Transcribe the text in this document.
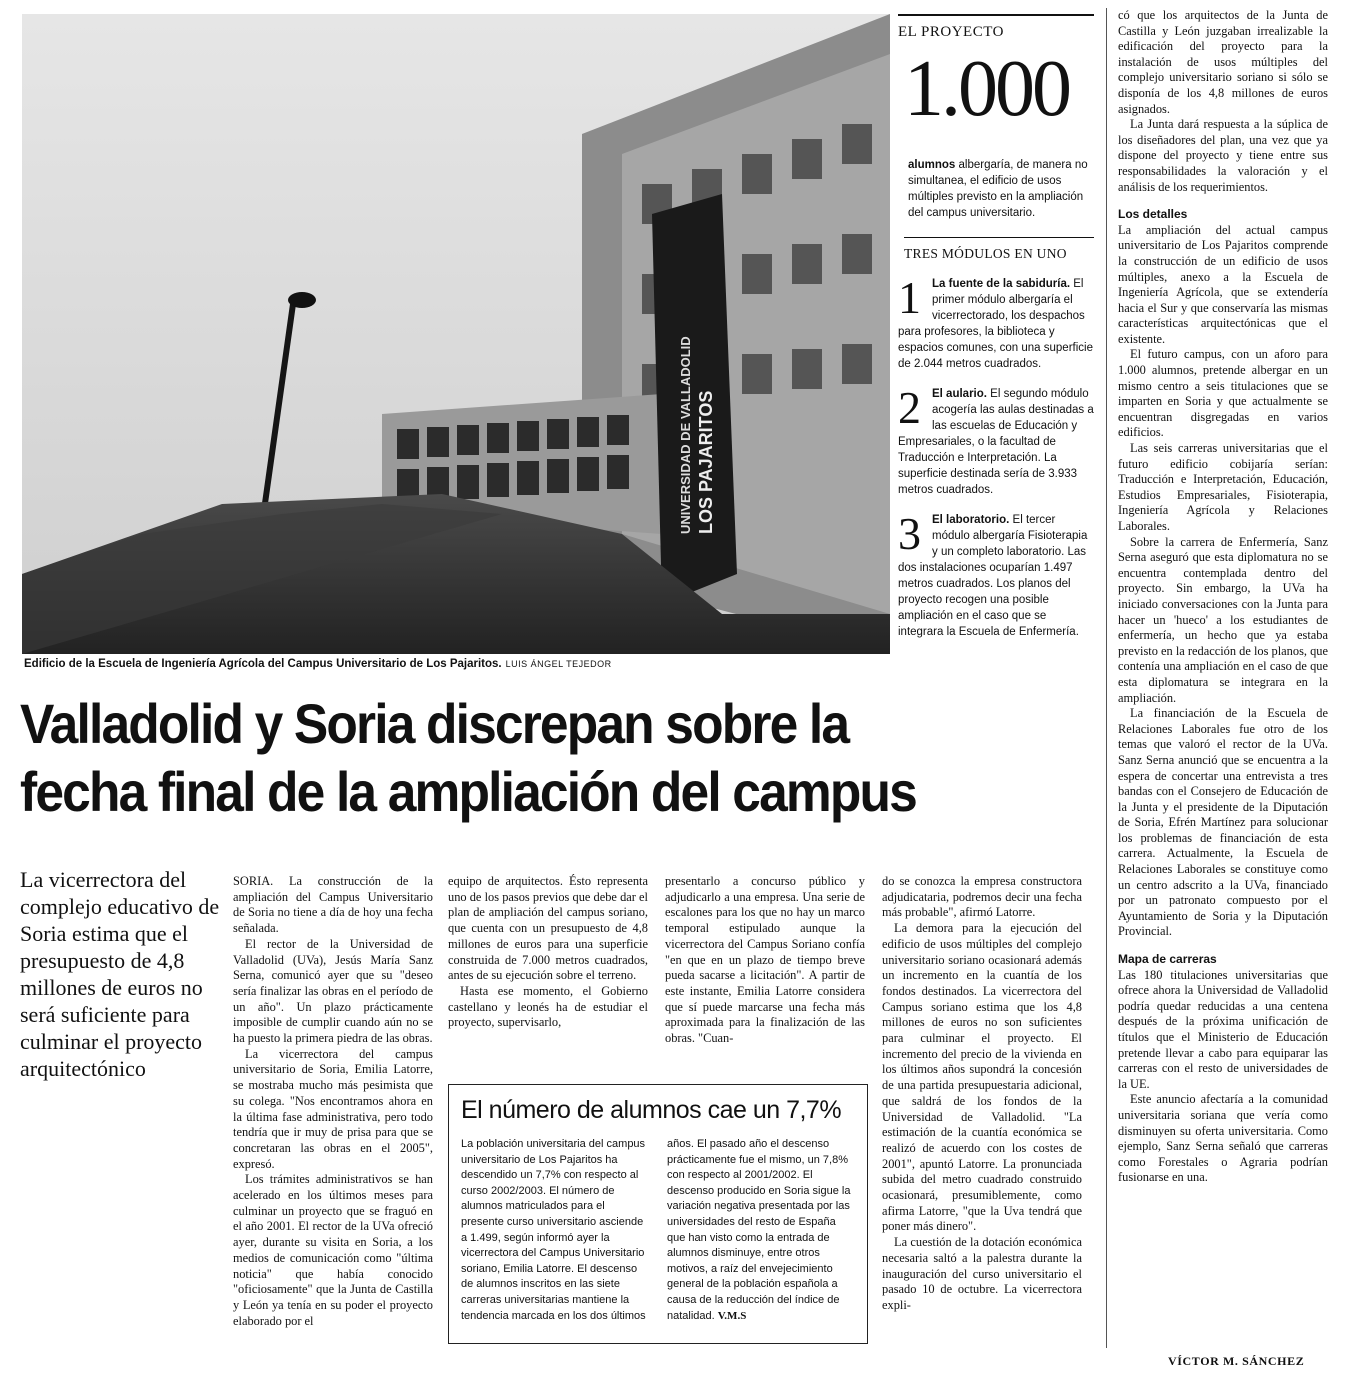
UNIVERSIDAD DE VALLADOLID LOS PAJARITOS
Edificio de la Escuela de Ingeniería Agrícola del Campus Universitario de Los Pajaritos. LUIS ÁNGEL TEJEDOR
EL PROYECTO
1.000
alumnos albergaría, de manera no simultanea, el edificio de usos múltiples previsto en la ampliación del campus universitario.
TRES MÓDULOS EN UNO
1 La fuente de la sabiduría. El primer módulo albergaría el vicerrectorado, los despachos para profesores, la biblioteca y espacios comunes, con una superficie de 2.044 metros cuadrados.
2 El aulario. El segundo módulo acogería las aulas destinadas a las escuelas de Educación y Empresariales, o la facultad de Traducción e Interpretación. La superficie destinada sería de 3.933 metros cuadrados.
3 El laboratorio. El tercer módulo albergaría Fisioterapia y un completo laboratorio. Las dos instalaciones ocuparían 1.497 metros cuadrados. Los planos del proyecto recogen una posible ampliación en el caso que se integrara la Escuela de Enfermería.
Valladolid y Soria discrepan sobre la
fecha final de la ampliación del campus
La vicerrectora del complejo educativo de Soria estima que el presupuesto de 4,8 millones de euros no será suficiente para culminar el proyecto arquitectónico

SORIA. La construcción de la ampliación del Campus Universitario de Soria no tiene a día de hoy una fecha señalada.

El rector de la Universidad de Valladolid (UVa), Jesús María Sanz Serna, comunicó ayer que su "deseo sería finalizar las obras en el período de un año". Un plazo prácticamente imposible de cumplir cuando aún no se ha puesto la primera piedra de las obras.

La vicerrectora del campus universitario de Soria, Emilia Latorre, se mostraba mucho más pesimista que su colega. "Nos encontramos ahora en la última fase administrativa, pero todo tendría que ir muy de prisa para que se concretaran las obras en el 2005", expresó.

Los trámites administrativos se han acelerado en los últimos meses para culminar un proyecto que se fraguó en el año 2001. El rector de la UVa ofreció ayer, durante su visita en Soria, a los medios de comunicación como "última noticia" que había conocido "oficiosamente" que la Junta de Castilla y León ya tenía en su poder el proyecto elaborado por el

equipo de arquitectos. Ésto representa uno de los pasos previos que debe dar el plan de ampliación del campus soriano, que cuenta con un presupuesto de 4,8 millones de euros para una superficie construida de 7.000 metros cuadrados, antes de su ejecución sobre el terreno.

Hasta ese momento, el Gobierno castellano y leonés ha de estudiar el proyecto, supervisarlo,

presentarlo a concurso público y adjudicarlo a una empresa. Una serie de escalones para los que no hay un marco temporal estipulado aunque la vicerrectora del Campus Soriano confía "en que en un plazo de tiempo breve pueda sacarse a licitación". A partir de este instante, Emilia Latorre considera que sí puede marcarse una fecha más aproximada para la finalización de las obras. "Cuan-

do se conozca la empresa constructora adjudicataria, podremos decir una fecha más probable", afirmó Latorre.

La demora para la ejecución del edificio de usos múltiples del complejo universitario soriano ocasionará además un incremento en la cuantía de los fondos destinados. La vicerrectora del Campus soriano estima que los 4,8 millones de euros no son suficientes para culminar el proyecto. El incremento del precio de la vivienda en los últimos años supondrá la concesión de una partida presupuestaria adicional, que saldrá de los fondos de la Universidad de Valladolid. "La estimación de la cuantía económica se realizó de acuerdo con los costes de 2001", apuntó Latorre. La pronunciada subida del metro cuadrado construido ocasionará, presumiblemente, como afirma Latorre, "que la Uva tendrá que poner más dinero".

La cuestión de la dotación económica necesaria saltó a la palestra durante la inauguración del curso universitario el pasado 10 de octubre. La vicerrectora expli-

El número de alumnos cae un 7,7%
La población universitaria del campus universitario de Los Pajaritos ha descendido un 7,7% con respecto al curso 2002/2003. El número de alumnos matriculados para el presente curso universitario asciende a 1.499, según informó ayer la vicerrectora del Campus Universitario soriano, Emilia Latorre. El descenso de alumnos inscritos en las siete carreras universitarias mantiene la tendencia marcada en los dos últimos años. El pasado año el descenso prácticamente fue el mismo, un 7,8% con respecto al 2001/2002. El descenso producido en Soria sigue la variación negativa presentada por las universidades del resto de España que han visto como la entrada de alumnos disminuye, entre otros motivos, a raíz del envejecimiento general de la población española a causa de la reducción del índice de natalidad. V.M.S

có que los arquitectos de la Junta de Castilla y León juzgaban irrealizable la edificación del proyecto para la instalación de usos múltiples del complejo universitario soriano si sólo se disponía de los 4,8 millones de euros asignados.

La Junta dará respuesta a la súplica de los diseñadores del plan, una vez que ya dispone del proyecto y tiene entre sus responsabilidades la valoración y el análisis de los requerimientos.

Los detalles

La ampliación del actual campus universitario de Los Pajaritos comprende la construcción de un edificio de usos múltiples, anexo a la Escuela de Ingeniería Agrícola, que se extendería hacia el Sur y que conservaría las mismas características arquitectónicas que el existente.

El futuro campus, con un aforo para 1.000 alumnos, pretende albergar en un mismo centro a seis titulaciones que se imparten en Soria y que actualmente se encuentran disgregadas en varios edificios.

Las seis carreras universitarias que el futuro edificio cobijaría serían: Traducción e Interpretación, Educación, Estudios Empresariales, Fisioterapia, Ingeniería Agrícola y Relaciones Laborales.

Sobre la carrera de Enfermería, Sanz Serna aseguró que esta diplomatura no se encuentra contemplada dentro del proyecto. Sin embargo, la UVa ha iniciado conversaciones con la Junta para hacer un 'hueco' a los estudiantes de enfermería, un hecho que ya estaba previsto en la redacción de los planos, que contenía una ampliación en el caso de que esta diplomatura se integrara en la ampliación.

La financiación de la Escuela de Relaciones Laborales fue otro de los temas que valoró el rector de la UVa. Sanz Serna anunció que se encuentra a la espera de concertar una entrevista a tres bandas con el Consejero de Educación de la Junta y el presidente de la Diputación de Soria, Efrén Martínez para solucionar los problemas de financiación de esta carrera. Actualmente, la Escuela de Relaciones Laborales se constituye como un centro adscrito a la UVa, financiado por un patronato compuesto por el Ayuntamiento de Soria y la Diputación Provincial.

Mapa de carreras

Las 180 titulaciones universitarias que ofrece ahora la Universidad de Valladolid podría quedar reducidas a una centena después de la próxima unificación de títulos que el Ministerio de Educación pretende llevar a cabo para equiparar las carreras con el resto de universidades de la UE.

Este anuncio afectaría a la comunidad universitaria soriana que vería como disminuyen su oferta universitaria. Como ejemplo, Sanz Serna señaló que carreras como Forestales o Agraria podrían fusionarse en una.

VÍCTOR M. SÁNCHEZ
